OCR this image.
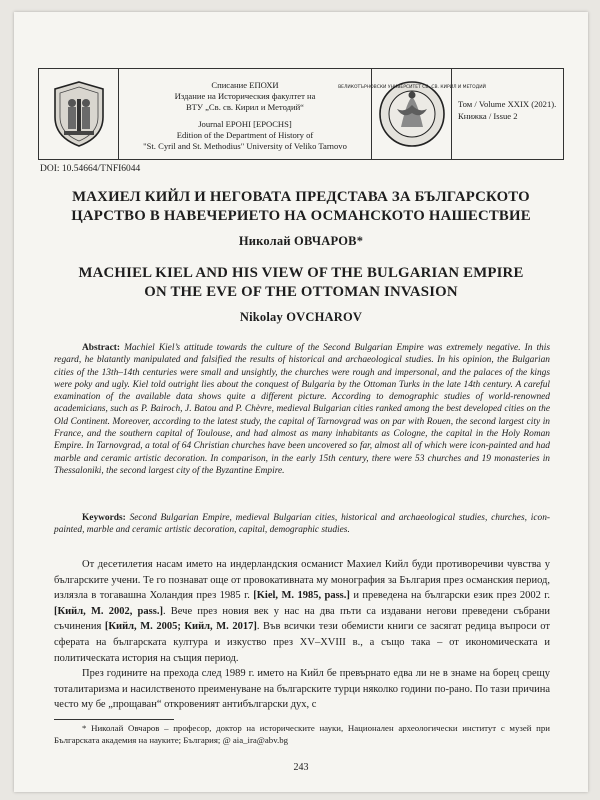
Списание ЕПОХИ
Издание на Историческия факултет на
ВТУ „Св. св. Кирил и Методий“
Journal EPOHI [EPOCHS]
Edition of the Department of History of
"St. Cyril and St. Methodius" University of Veliko Tarnovo
ВЕЛИКОТЪРНОВСКИ УНИВЕРСИТЕТ СВ. СВ. КИРИЛ И МЕТОДИЙ
Том / Volume XXIX (2021).
Книжка / Issue 2
DOI: 10.54664/TNFI6044
МАХИЕЛ КИЙЛ И НЕГОВАТА ПРЕДСТАВА ЗА БЪЛГАРСКОТО
ЦАРСТВО В НАВЕЧЕРИЕТО НА ОСМАНСКОТО НАШЕСТВИЕ
Николай ОВЧАРОВ*
MACHIEL KIEL AND HIS VIEW OF THE BULGARIAN EMPIRE
ON THE EVE OF THE OTTOMAN INVASION
Nikolay OVCHAROV
Abstract: Machiel Kiel’s attitude towards the culture of the Second Bulgarian Empire was extremely negative. In this regard, he blatantly manipulated and falsified the results of historical and archaeological studies. In his opinion, the Bulgarian cities of the 13th–14th centuries were small and unsightly, the churches were rough and impersonal, and the palaces of the kings were poky and ugly. Kiel told outright lies about the conquest of Bulgaria by the Ottoman Turks in the late 14th century. A careful examination of the available data shows quite a different picture. According to demographic studies of world-renowned academicians, such as P. Bairoch, J. Batou and P. Chèvre, medieval Bulgarian cities ranked among the best developed cities on the Old Continent. Moreover, according to the latest study, the capital of Tarnovgrad was on par with Rouen, the second largest city in France, and the southern capital of Toulouse, and had almost as many inhabitants as Cologne, the capital in the Holy Roman Empire. In Tarnovgrad, a total of 64 Christian churches have been uncovered so far, almost all of which were icon-painted and had marble and ceramic artistic decoration. In comparison, in the early 15th century, there were 53 churches and 19 monasteries in Thessaloniki, the second largest city of the Byzantine Empire.
Keywords: Second Bulgarian Empire, medieval Bulgarian cities, historical and archaeological studies, churches, icon-painted, marble and ceramic artistic decoration, capital, demographic studies.

От десетилетия насам името на индерландския османист Махиел Кийл буди противоречиви чувства у българските учени. Те го познават още от провокативната му монография за България през османския период, излязла в тогавашна Холандия през 1985 г. [Kiel, M. 1985, pass.] и преведена на български език през 2002 г. [Кийл, М. 2002, pass.]. Вече през новия век у нас на два пъти са издавани негови преведени събрани съчинения [Кийл, М. 2005; Кийл, М. 2017]. Във всички тези обемисти книги се засягат редица въпроси от сферата на българската култура и изкуство през XV–XVIII в., а също така – от икономическата и политическата история на същия период.

През годините на прехода след 1989 г. името на Кийл бе превърнато едва ли не в знаме на борец срещу тоталитаризма и насилственото преименуване на българските турци няколко години по-рано. По тази причина често му бе „прощаван“ откровеният антибългарски дух, с

* Николай Овчаров – професор, доктор на историческите науки, Национален археологически институт с музей при Българската академия на науките; България; @ aia_ira@abv.bg
243
